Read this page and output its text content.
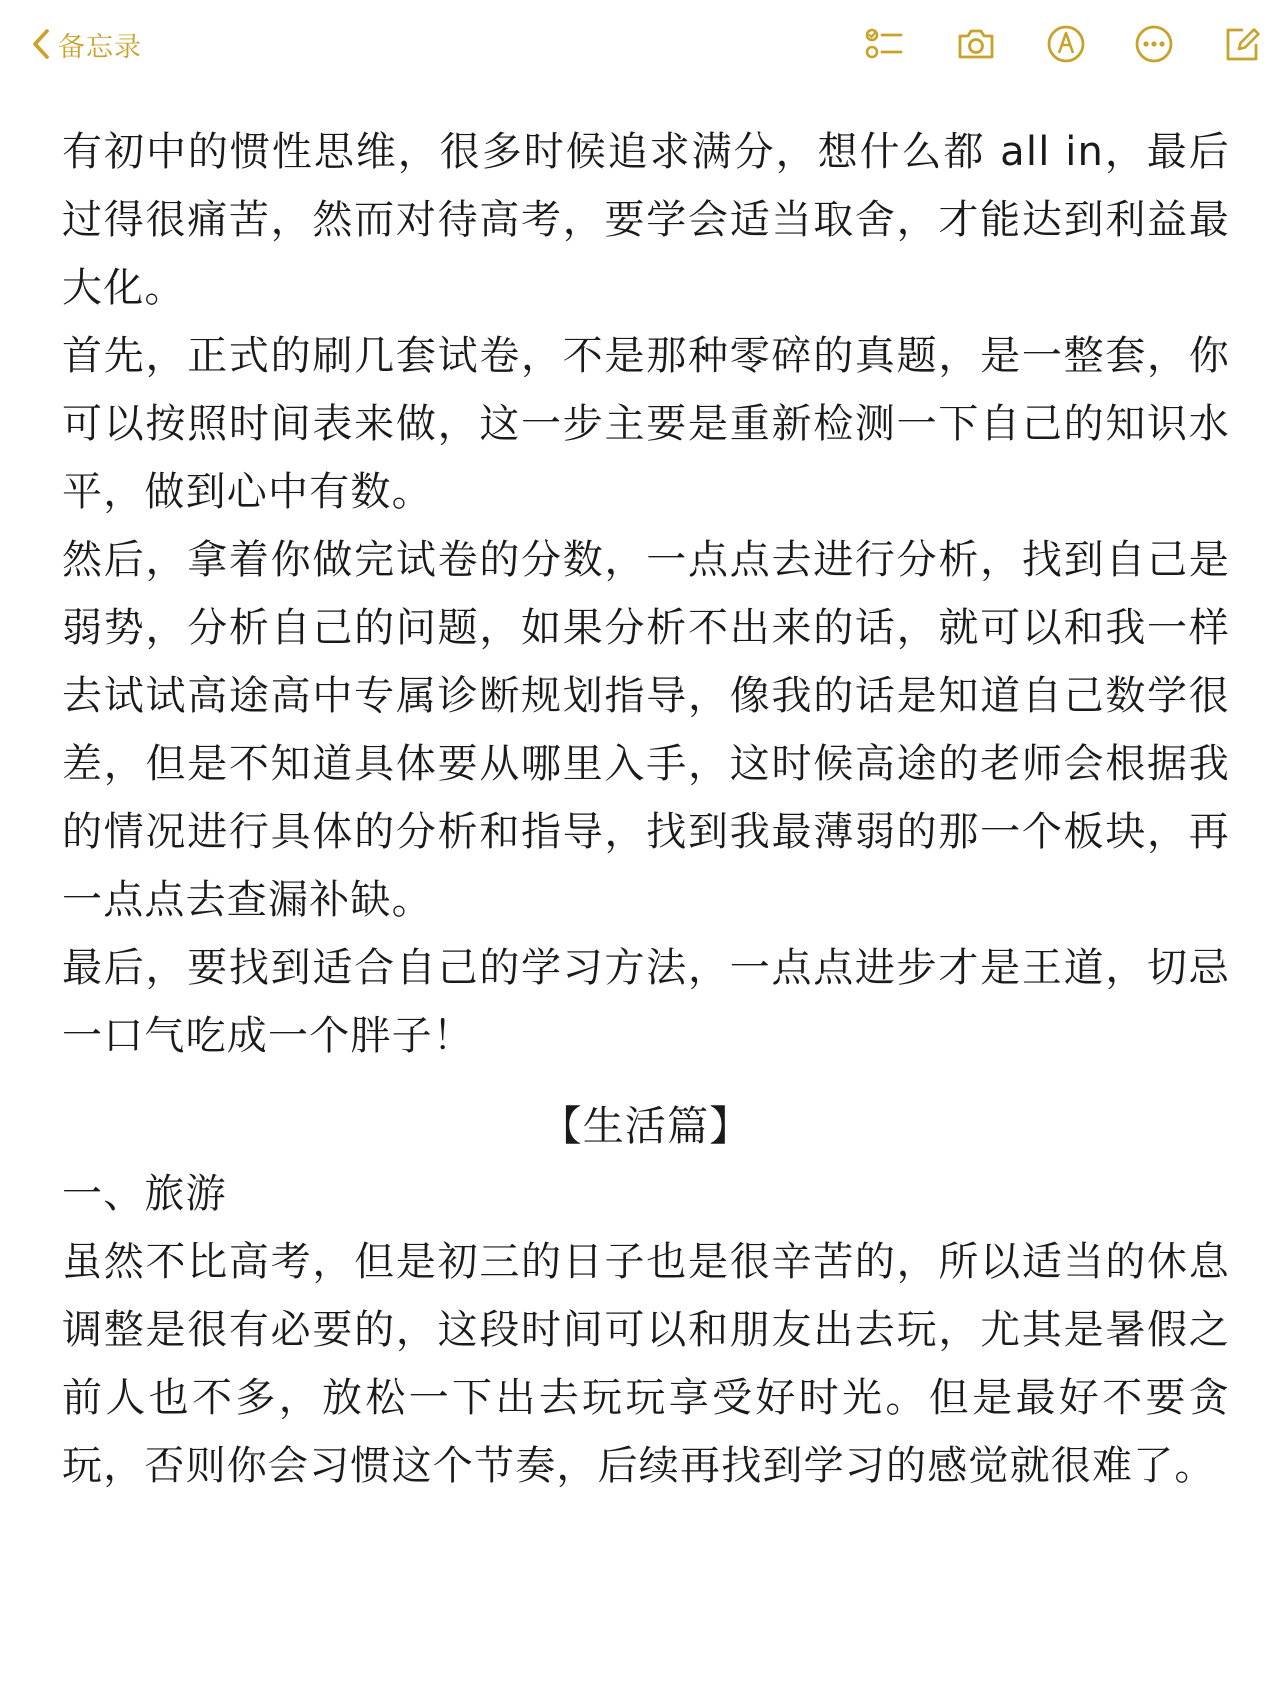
备忘录

有初中的惯性思维，很多时候追求满分，想什么都 all in，最后过得很痛苦，然而对待高考，要学会适当取舍，才能达到利益最大化。

首先，正式的刷几套试卷，不是那种零碎的真题，是一整套，你可以按照时间表来做，这一步主要是重新检测一下自己的知识水平，做到心中有数。

然后，拿着你做完试卷的分数，一点点去进行分析，找到自己是弱势，分析自己的问题，如果分析不出来的话，就可以和我一样去试试高途高中专属诊断规划指导，像我的话是知道自己数学很差，但是不知道具体要从哪里入手，这时候高途的老师会根据我的情况进行具体的分析和指导，找到我最薄弱的那一个板块，再一点点去查漏补缺。

最后，要找到适合自己的学习方法，一点点进步才是王道，切忌一口气吃成一个胖子！

【生活篇】

一、旅游

虽然不比高考，但是初三的日子也是很辛苦的，所以适当的休息调整是很有必要的，这段时间可以和朋友出去玩，尤其是暑假之前人也不多，放松一下出去玩玩享受好时光。但是最好不要贪玩，否则你会习惯这个节奏，后续再找到学习的感觉就很难了。
